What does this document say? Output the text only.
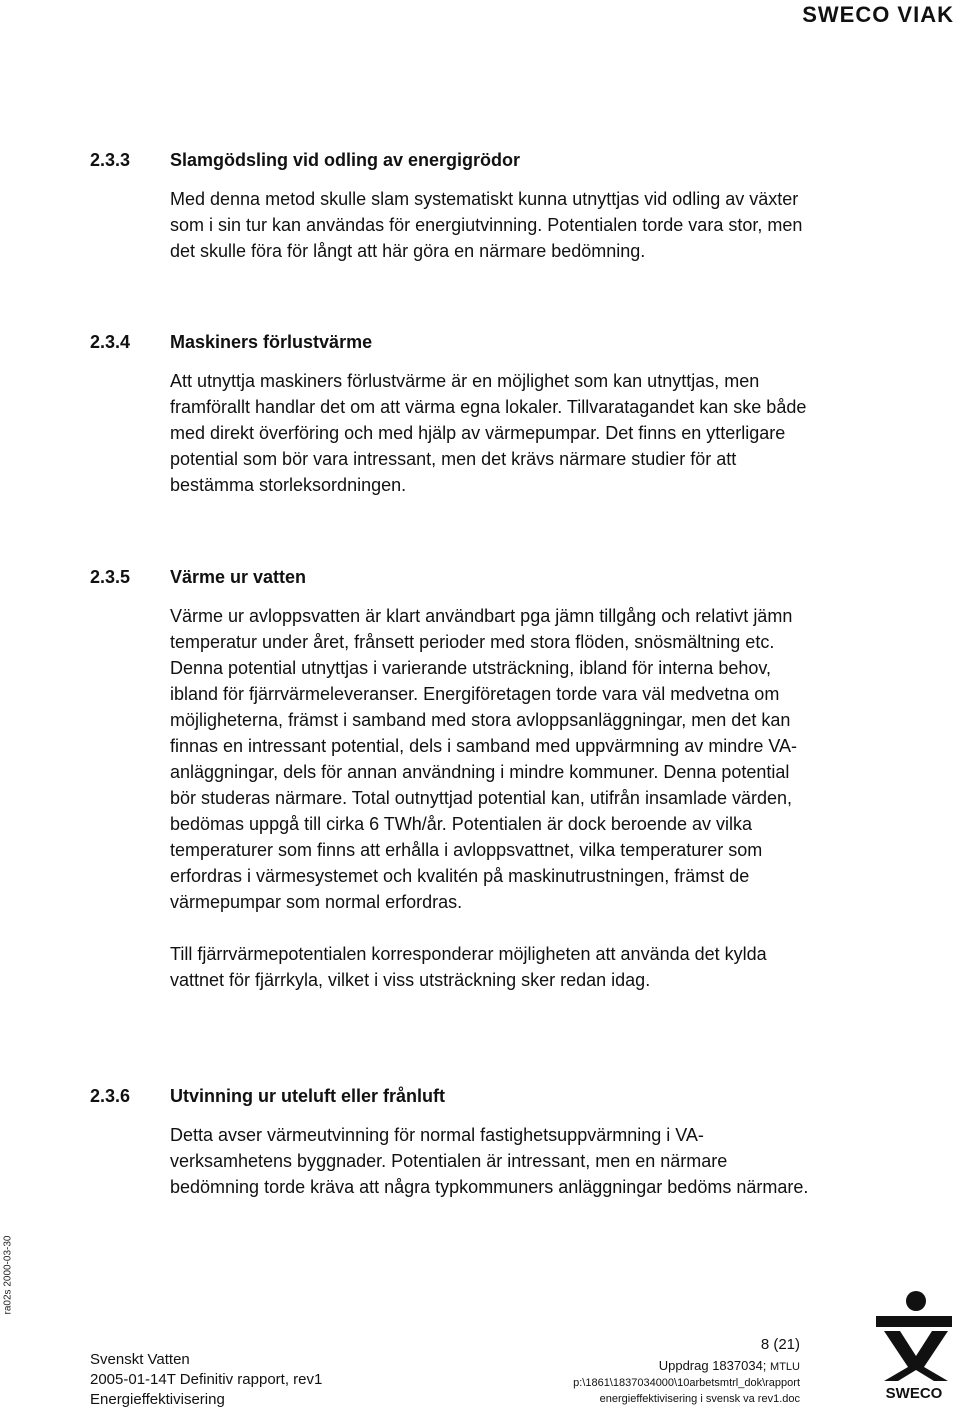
SWECO VIAK
2.3.3 Slamgödsling vid odling av energigrödor

Med denna metod skulle slam systematiskt kunna utnyttjas vid odling av växter som i sin tur kan användas för energiutvinning. Potentialen torde vara stor, men det skulle föra för långt att här göra en närmare bedömning.

2.3.4 Maskiners förlustvärme

Att utnyttja maskiners förlustvärme är en möjlighet som kan utnyttjas, men framförallt handlar det om att värma egna lokaler. Tillvaratagandet kan ske både med direkt överföring och med hjälp av värmepumpar. Det finns en ytterligare potential som bör vara intressant, men det krävs närmare studier för att bestämma storleksordningen.

2.3.5 Värme ur vatten

Värme ur avloppsvatten är klart användbart pga jämn tillgång och relativt jämn temperatur under året, frånsett perioder med stora flöden, snösmältning etc. Denna potential utnyttjas i varierande utsträckning, ibland för interna behov, ibland för fjärrvärmeleveranser. Energiföretagen torde vara väl medvetna om möjligheterna, främst i samband med stora avloppsanläggningar, men det kan finnas en intressant potential, dels i samband med uppvärmning av mindre VA-anläggningar, dels för annan användning i mindre kommuner. Denna potential bör studeras närmare. Total outnyttjad potential kan, utifrån insamlade värden, bedömas uppgå till cirka 6 TWh/år. Potentialen är dock beroende av vilka temperaturer som finns att erhålla i avloppsvattnet, vilka temperaturer som erfordras i värmesystemet och kvalitén på maskinutrustningen, främst de värmepumpar som normal erfordras.

Till fjärrvärmepotentialen korresponderar möjligheten att använda det kylda vattnet för fjärrkyla, vilket i viss utsträckning sker redan idag.

2.3.6 Utvinning ur uteluft eller frånluft

Detta avser värmeutvinning för normal fastighetsuppvärmning i VA-verksamhetens byggnader. Potentialen är intressant, men en närmare bedömning torde kräva att några typkommuners anläggningar bedöms närmare.

ra02s 2000-03-30
Svenskt Vatten
2005-01-14T Definitiv rapport, rev1
Energieffektivisering
8 (21)
Uppdrag 1837034; MTLU
p:\1861\1837034000\10arbetsmtrl_dok\rapport
energieffektivisering i svensk va rev1.doc	SWECO
